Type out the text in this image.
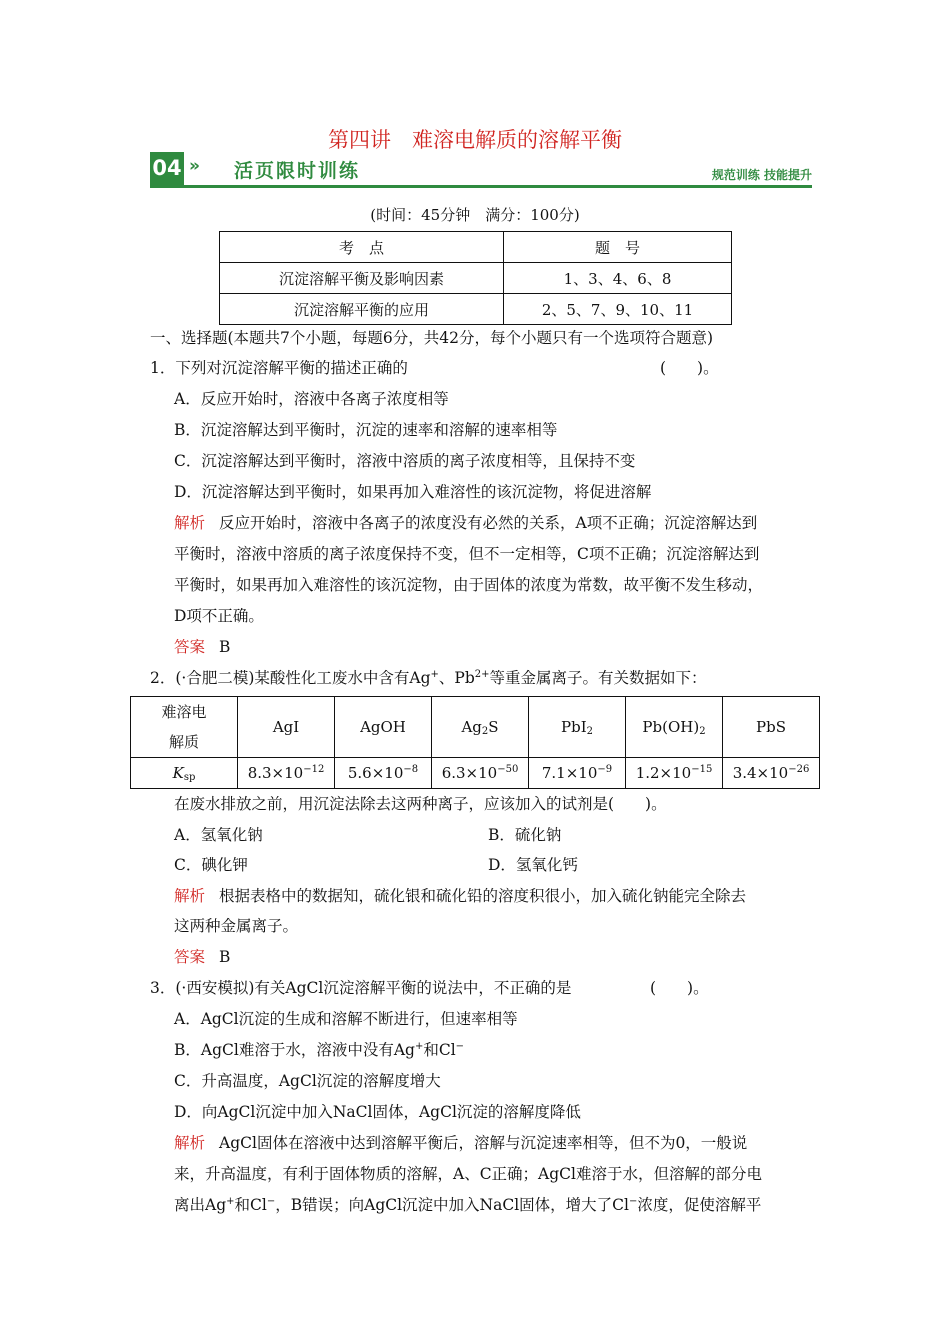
第四讲　难溶电解质的溶解平衡
04 » 活页限时训练	规范训练 技能提升
(时间：45分钟　满分：100分)
考　点	题　号
沉淀溶解平衡及影响因素	1、3、4、6、8
沉淀溶解平衡的应用	2、5、7、9、10、11
一、选择题(本题共7个小题，每题6分，共42分，每个小题只有一个选项符合题意)
1．下列对沉淀溶解平衡的描述正确的	(　　)。
A．反应开始时，溶液中各离子浓度相等
B．沉淀溶解达到平衡时，沉淀的速率和溶解的速率相等
C．沉淀溶解达到平衡时，溶液中溶质的离子浓度相等，且保持不变
D．沉淀溶解达到平衡时，如果再加入难溶性的该沉淀物，将促进溶解
解析 反应开始时，溶液中各离子的浓度没有必然的关系，A项不正确；沉淀溶解达到
平衡时，溶液中溶质的离子浓度保持不变，但不一定相等，C项不正确；沉淀溶解达到
平衡时，如果再加入难溶性的该沉淀物，由于固体的浓度为常数，故平衡不发生移动，
D项不正确。
答案 B
2．(·合肥二模)某酸性化工废水中含有Ag+、$Pb^{2+}$等重金属离子。有关数据如下：
难溶电
解质	AgI	AgOH	$Ag_2S$	PbI$_2$	$Pb(OH)_2$	PbS
$K_{sp}$	$8.3\times 10^{-12}$	$5.6\times 10^{-8}$	$6.3\times 10^{-50}$	$7.1\times 10^{-9}$	$1.2\times 10^{-15}$	$3.4\times 10^{-26}$
在废水排放之前，用沉淀法除去这两种离子，应该加入的试剂是(　　)。
A．氢氧化钠	B．硫化钠
C．碘化钾	D．氢氧化钙
解析 根据表格中的数据知，硫化银和硫化铅的溶度积很小，加入硫化钠能完全除去
这两种金属离子。
答案 B
3．(·西安模拟)有关AgCl沉淀溶解平衡的说法中，不正确的是	(　　)。
A．AgCl沉淀的生成和溶解不断进行，但速率相等
B．AgCl难溶于水，溶液中没有Ag+和Cl−
C．升高温度，AgCl沉淀的溶解度增大
D．向AgCl沉淀中加入NaCl固体，AgCl沉淀的溶解度降低
解析 AgCl固体在溶液中达到溶解平衡后，溶解与沉淀速率相等，但不为0，一般说
来，升高温度，有利于固体物质的溶解，A、C正确；AgCl难溶于水，但溶解的部分电
离出Ag+和Cl−，B错误；向AgCl沉淀中加入NaCl固体，增大了Cl−浓度，促使溶解平
